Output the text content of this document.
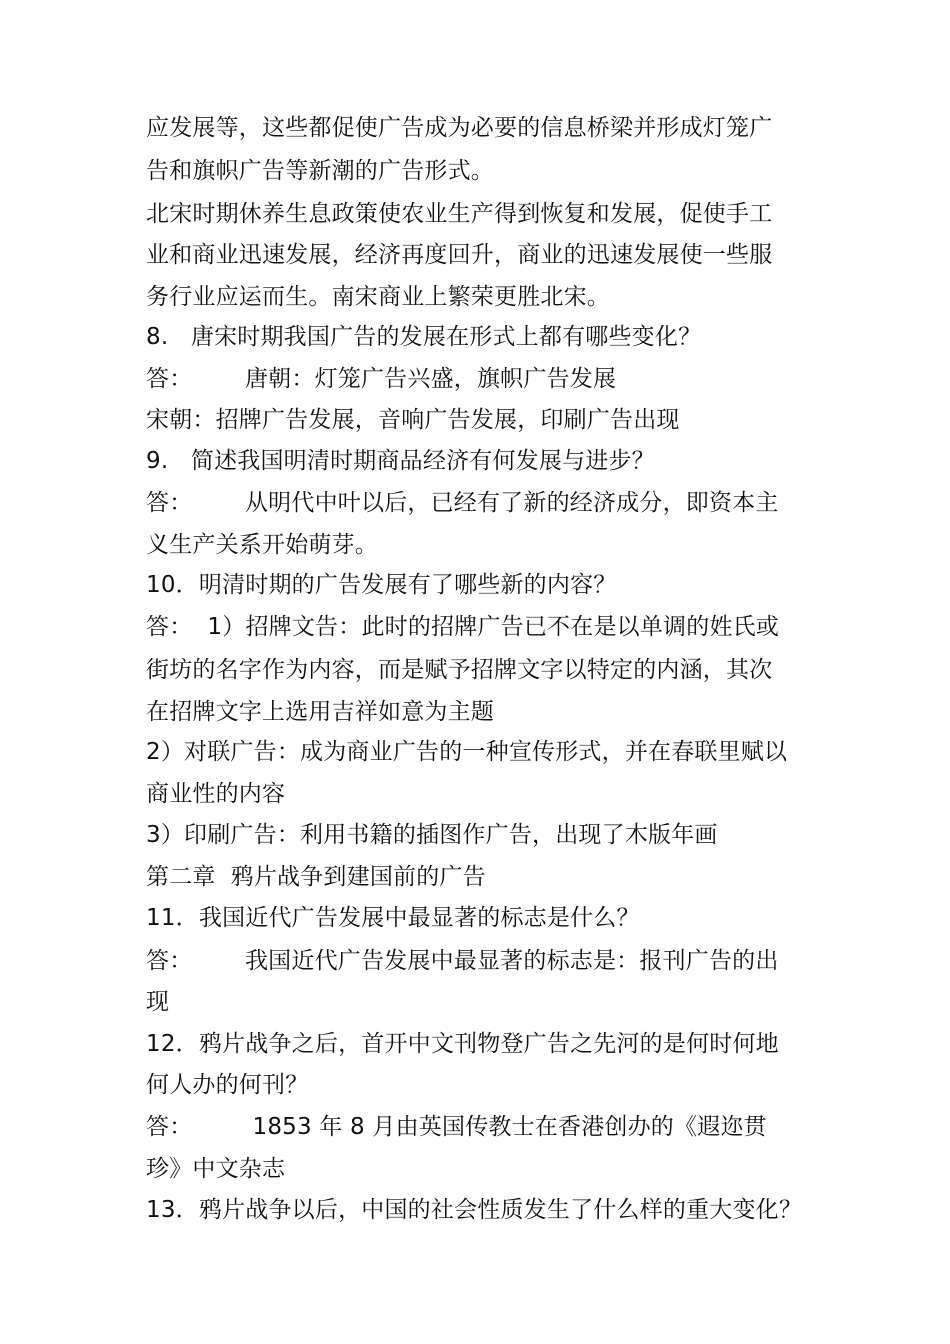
应发展等，这些都促使广告成为必要的信息桥梁并形成灯笼广
告和旗帜广告等新潮的广告形式。
北宋时期休养生息政策使农业生产得到恢复和发展，促使手工
业和商业迅速发展，经济再度回升，商业的迅速发展使一些服
务行业应运而生。南宋商业上繁荣更胜北宋。
8.   唐宋时期我国广告的发展在形式上都有哪些变化？
答：       唐朝：灯笼广告兴盛，旗帜广告发展
宋朝：招牌广告发展，音响广告发展，印刷广告出现
9.   简述我国明清时期商品经济有何发展与进步？
答：       从明代中叶以后，已经有了新的经济成分，即资本主
义生产关系开始萌芽。
10．明清时期的广告发展有了哪些新的内容？
答：  1）招牌文告：此时的招牌广告已不在是以单调的姓氏或
街坊的名字作为内容，而是赋予招牌文字以特定的内涵，其次
在招牌文字上选用吉祥如意为主题
2）对联广告：成为商业广告的一种宣传形式，并在春联里赋以
商业性的内容
3）印刷广告：利用书籍的插图作广告，出现了木版年画
第二章  鸦片战争到建国前的广告
11．我国近代广告发展中最显著的标志是什么？
答：       我国近代广告发展中最显著的标志是：报刊广告的出
现
12．鸦片战争之后，首开中文刊物登广告之先河的是何时何地
何人办的何刊？
答：        1853 年 8 月由英国传教士在香港创办的《遐迩贯
珍》中文杂志
13．鸦片战争以后，中国的社会性质发生了什么样的重大变化？
